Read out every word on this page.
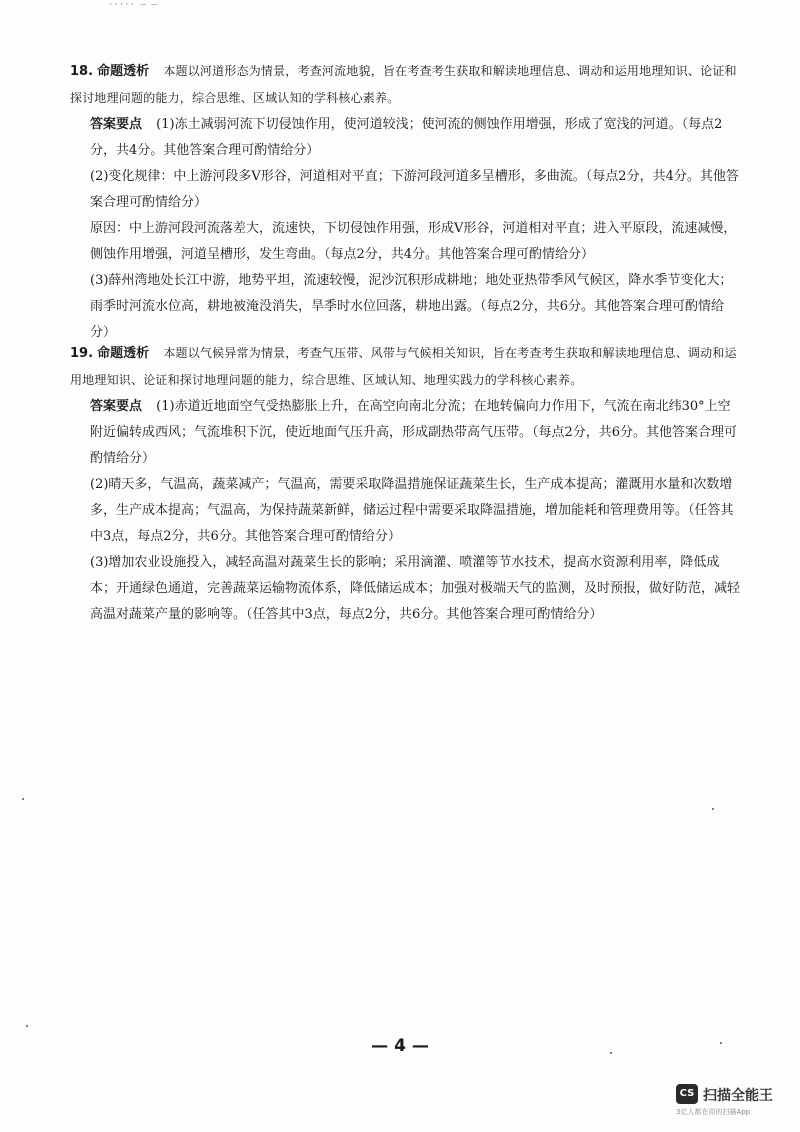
····· — —

18. 命题透析 本题以河道形态为情景，考查河流地貌，旨在考查考生获取和解读地理信息、调动和运用地理知识、论证和探讨地理问题的能力，综合思维、区域认知的学科核心素养。

答案要点 (1)冻土减弱河流下切侵蚀作用，使河道较浅；使河流的侧蚀作用增强，形成了宽浅的河道。（每点2分，共4分。其他答案合理可酌情给分）

(2)变化规律：中上游河段多V形谷，河道相对平直；下游河段河道多呈槽形，多曲流。（每点2分，共4分。其他答案合理可酌情给分）

原因：中上游河段河流落差大，流速快，下切侵蚀作用强，形成V形谷，河道相对平直；进入平原段，流速减慢，侧蚀作用增强，河道呈槽形，发生弯曲。（每点2分，共4分。其他答案合理可酌情给分）

(3)薛州湾地处长江中游，地势平坦，流速较慢，泥沙沉积形成耕地；地处亚热带季风气候区，降水季节变化大；雨季时河流水位高，耕地被淹没消失，旱季时水位回落，耕地出露。（每点2分，共6分。其他答案合理可酌情给分）

19. 命题透析 本题以气候异常为情景，考查气压带、风带与气候相关知识，旨在考查考生获取和解读地理信息、调动和运用地理知识、论证和探讨地理问题的能力，综合思维、区域认知、地理实践力的学科核心素养。

答案要点 (1)赤道近地面空气受热膨胀上升，在高空向南北分流；在地转偏向力作用下，气流在南北纬30°上空附近偏转成西风；气流堆积下沉，使近地面气压升高，形成副热带高气压带。（每点2分，共6分。其他答案合理可酌情给分）

(2)晴天多，气温高，蔬菜减产；气温高，需要采取降温措施保证蔬菜生长，生产成本提高；灌溉用水量和次数增多，生产成本提高；气温高，为保持蔬菜新鲜，储运过程中需要采取降温措施，增加能耗和管理费用等。（任答其中3点，每点2分，共6分。其他答案合理可酌情给分）

(3)增加农业设施投入，减轻高温对蔬菜生长的影响；采用滴灌、喷灌等节水技术，提高水资源利用率，降低成本；开通绿色通道，完善蔬菜运输物流体系，降低储运成本；加强对极端天气的监测，及时预报，做好防范，减轻高温对蔬菜产量的影响等。（任答其中3点，每点2分，共6分。其他答案合理可酌情给分）

— 4 —
CS 扫描全能王
3亿人都在用的扫描App
